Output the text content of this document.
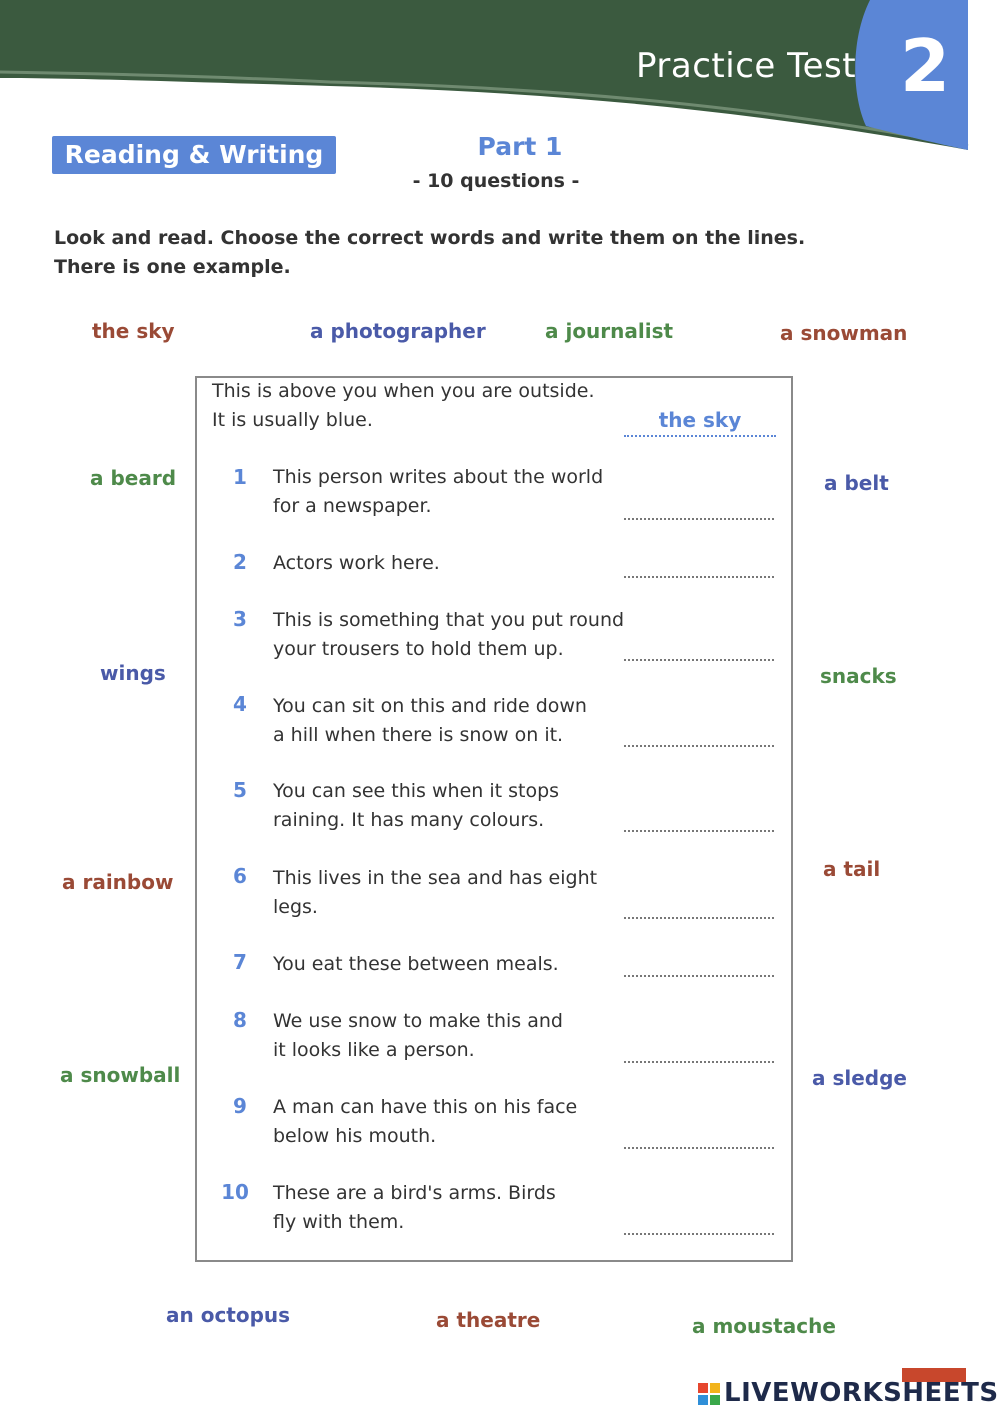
Practice Test 2
Reading & Writing	Part 1
- 10 questions -
Look and read. Choose the correct words and write them on the lines.
There is one example.
the sky	a photographer	a journalist	a snowman
a beard	a belt
wings	snacks
a rainbow
a tail
a snowball	a sledge
an octopus	a theatre	a moustache
This is above you when you are outside.
It is usually blue.	the sky
1	This person writes about the world
for a newspaper.
2	Actors work here.
3	This is something that you put round
your trousers to hold them up.
4	You can sit on this and ride down
a hill when there is snow on it.
5	You can see this when it stops
raining. It has many colours.
6	This lives in the sea and has eight
legs.
7	You eat these between meals.
8	We use snow to make this and
it looks like a person.
9	A man can have this on his face
below his mouth.
10	These are a bird's arms. Birds
fly with them.
LIVEWORKSHEETS
